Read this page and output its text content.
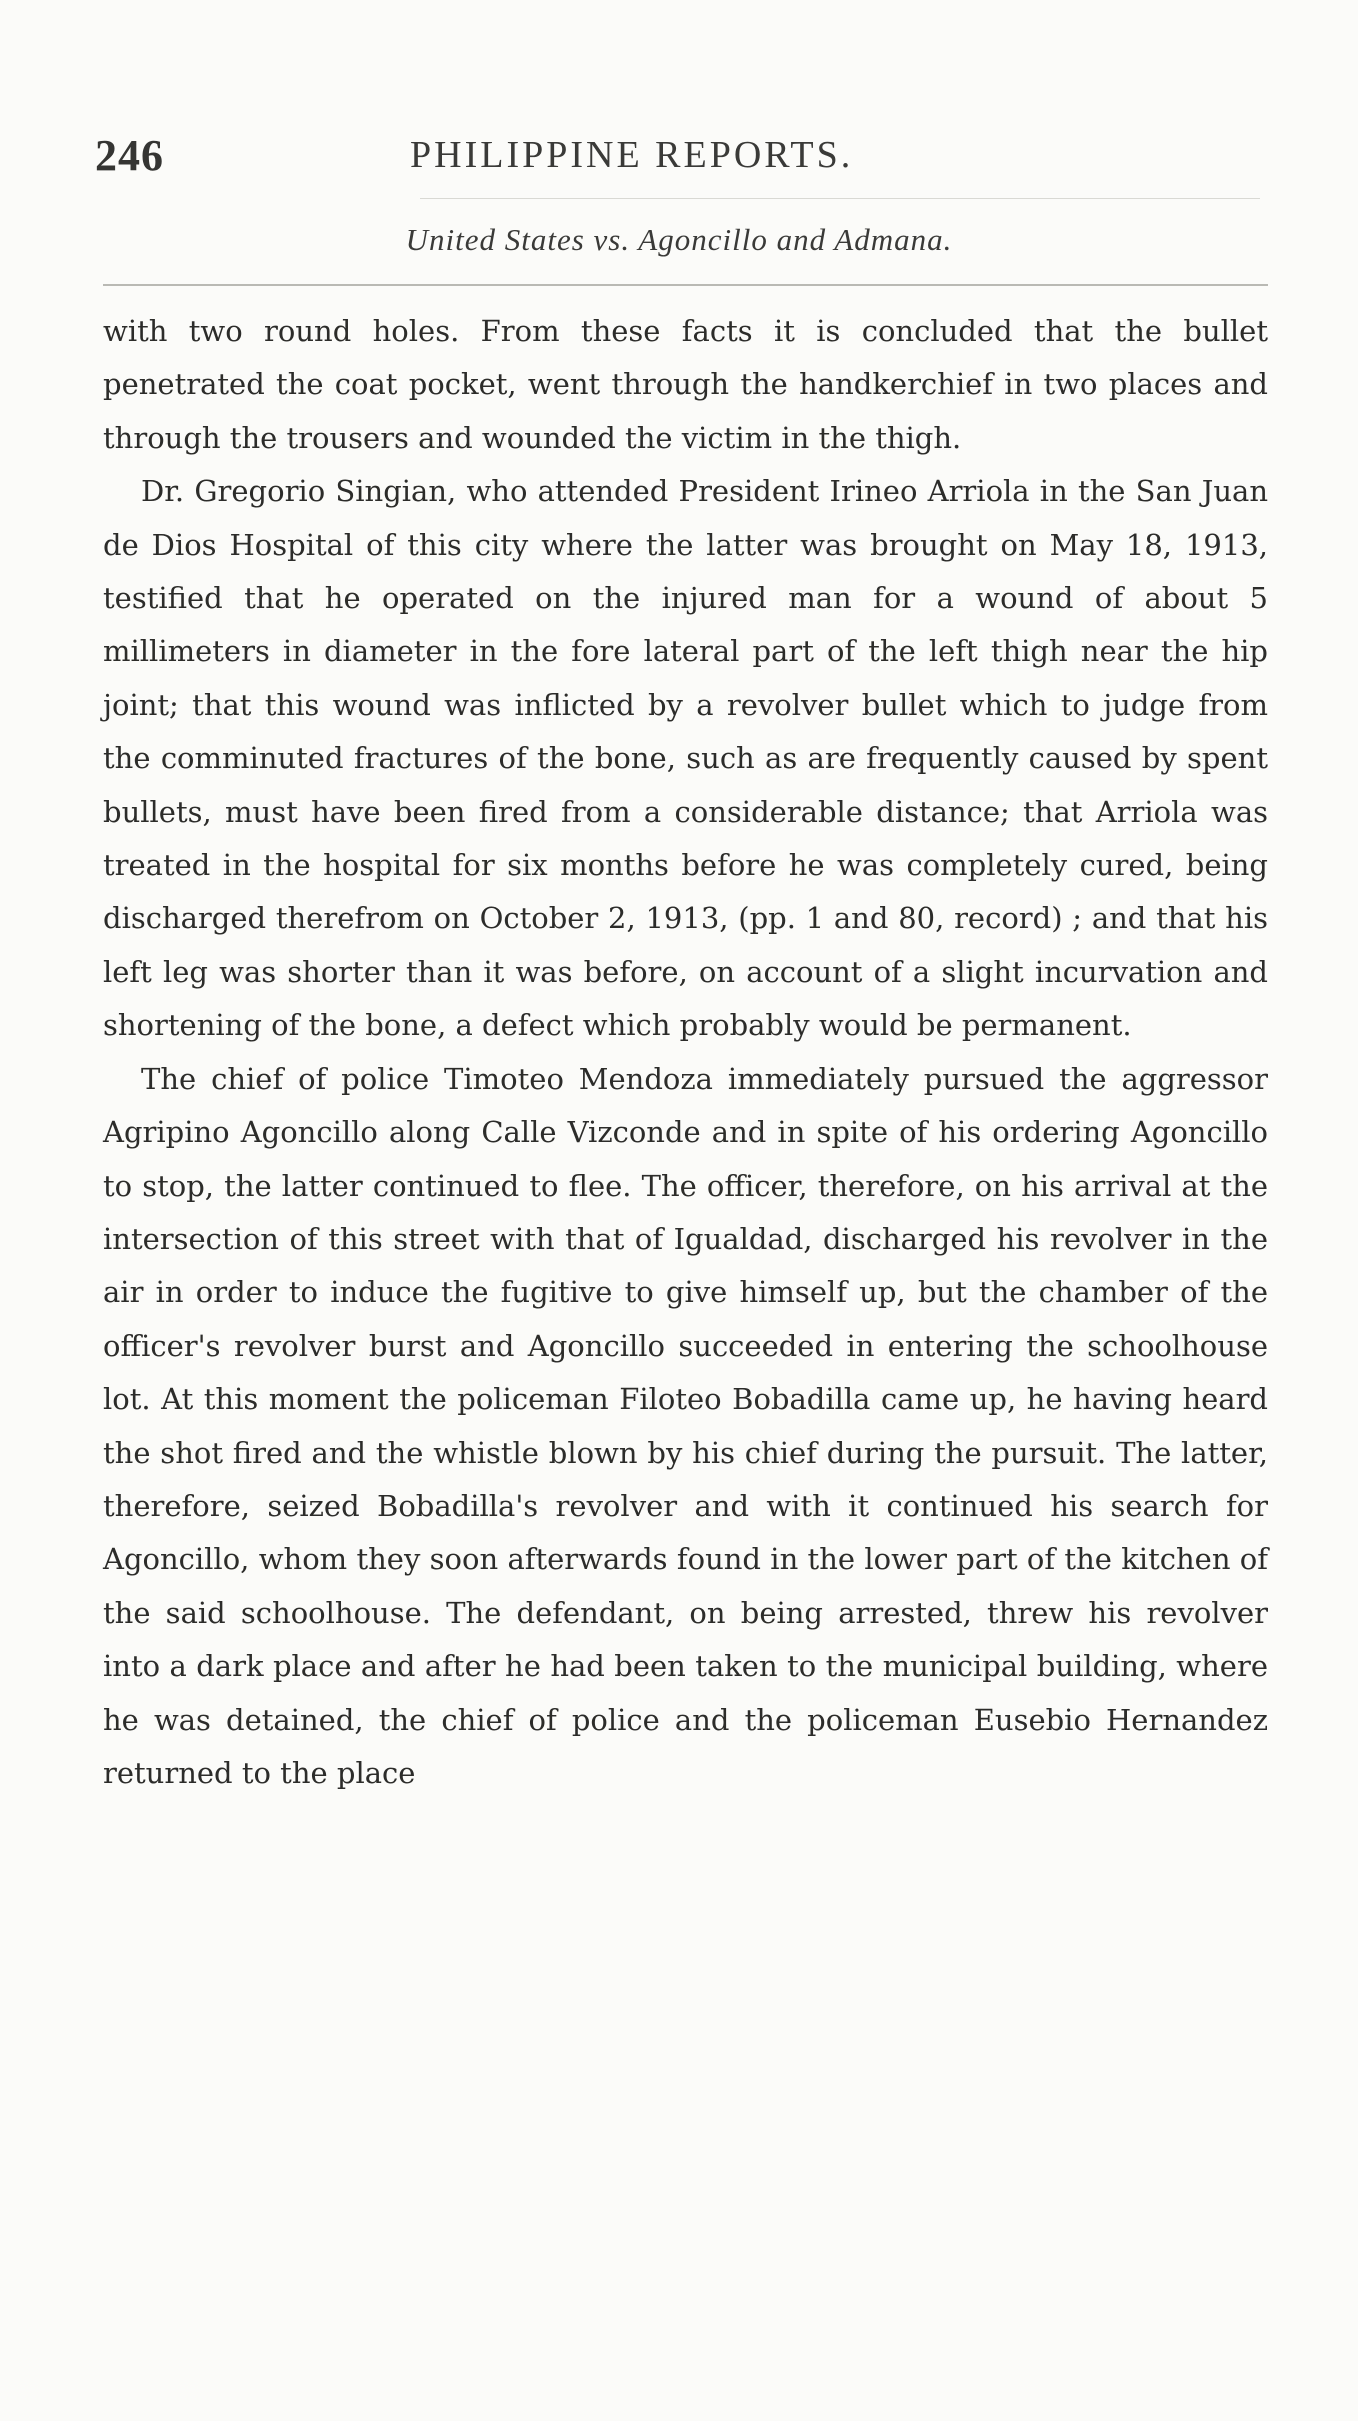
246	PHILIPPINE REPORTS.
United States vs. Agoncillo and Admana.

with two round holes. From these facts it is concluded that the bullet penetrated the coat pocket, went through the handkerchief in two places and through the trousers and wounded the victim in the thigh.

Dr. Gregorio Singian, who attended President Irineo Arriola in the San Juan de Dios Hospital of this city where the latter was brought on May 18, 1913, testified that he operated on the injured man for a wound of about 5 millimeters in diameter in the fore lateral part of the left thigh near the hip joint; that this wound was inflicted by a revolver bullet which to judge from the comminuted fractures of the bone, such as are frequently caused by spent bullets, must have been fired from a considerable distance; that Arriola was treated in the hospital for six months before he was completely cured, being discharged therefrom on October 2, 1913, (pp. 1 and 80, record) ; and that his left leg was shorter than it was before, on account of a slight incurvation and shortening of the bone, a defect which probably would be permanent.

The chief of police Timoteo Mendoza immediately pursued the aggressor Agripino Agoncillo along Calle Vizconde and in spite of his ordering Agoncillo to stop, the latter continued to flee. The officer, therefore, on his arrival at the intersection of this street with that of Igualdad, discharged his revolver in the air in order to induce the fugitive to give himself up, but the chamber of the officer's revolver burst and Agoncillo succeeded in entering the schoolhouse lot. At this moment the policeman Filoteo Bobadilla came up, he having heard the shot fired and the whistle blown by his chief during the pursuit. The latter, therefore, seized Bobadilla's revolver and with it continued his search for Agoncillo, whom they soon afterwards found in the lower part of the kitchen of the said schoolhouse. The defendant, on being arrested, threw his revolver into a dark place and after he had been taken to the municipal building, where he was detained, the chief of police and the policeman Eusebio Hernandez returned to the place
